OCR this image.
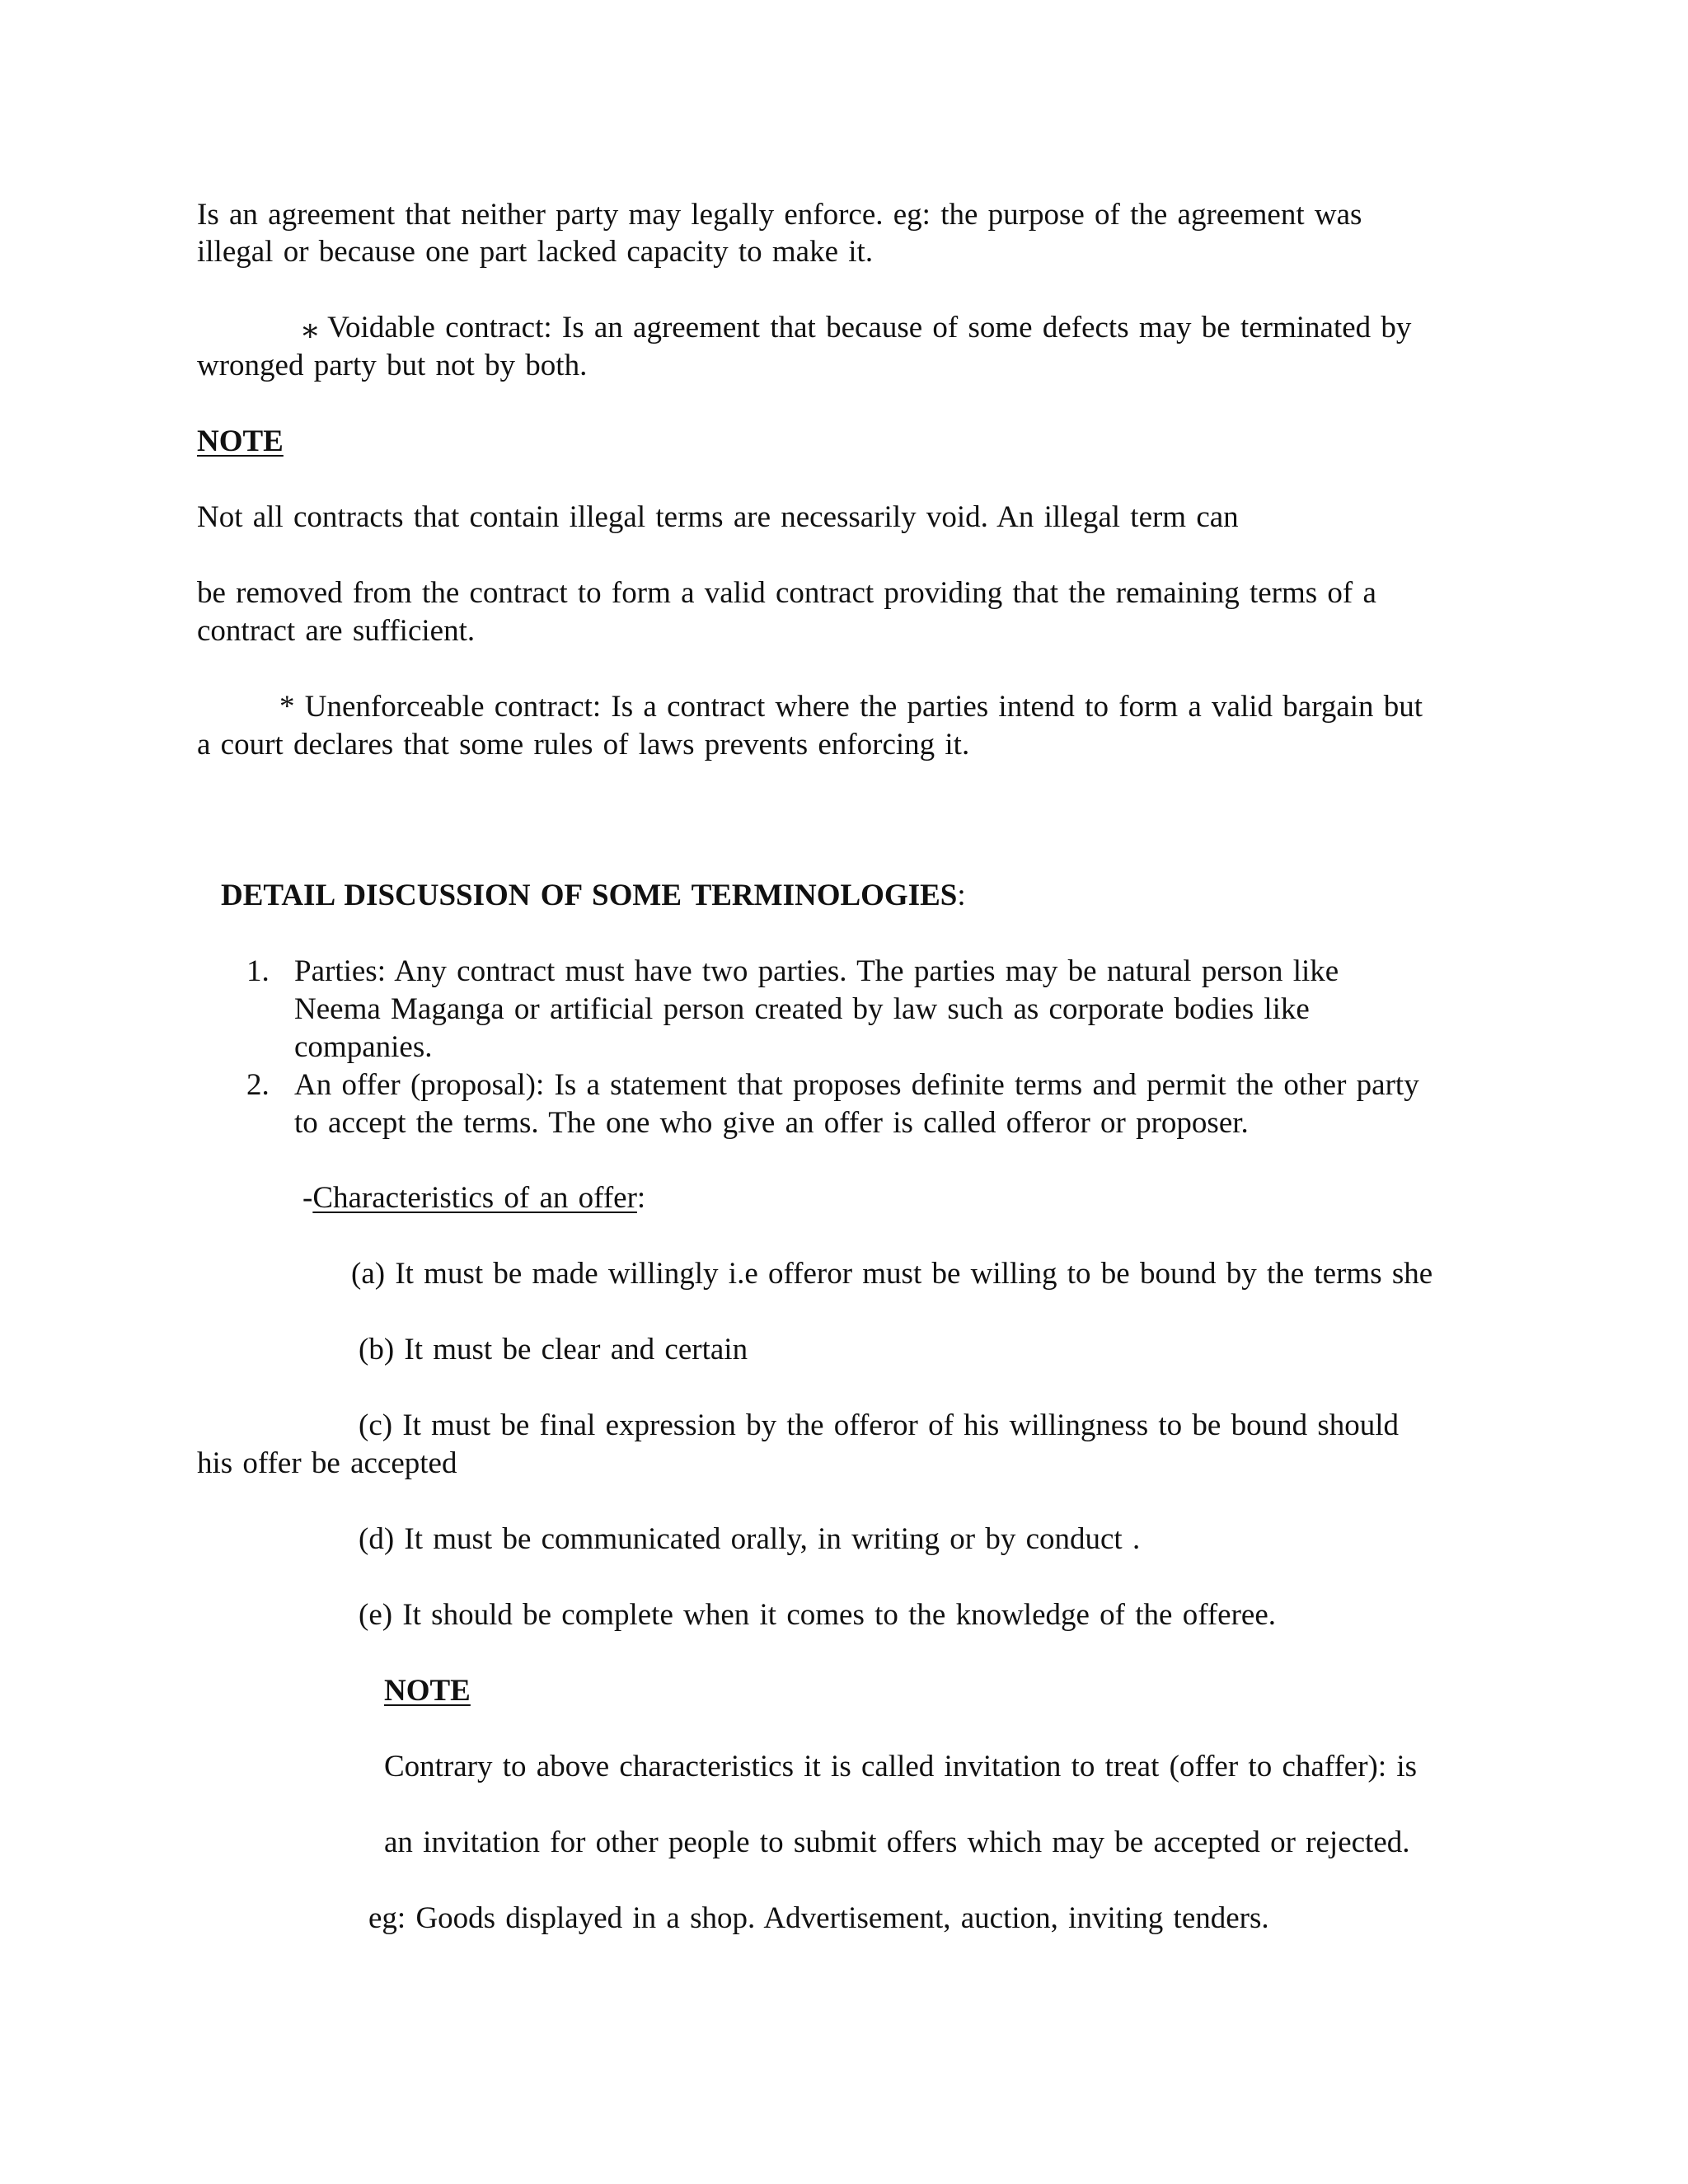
Is an agreement that neither party may legally enforce. eg: the purpose of the agreement was
illegal or because one part lacked capacity to make it.
⁎ Voidable contract: Is an agreement that because of some defects may be terminated by
wronged party but not by both.
NOTE
Not all contracts that contain illegal terms are necessarily void. An illegal term can
be removed from the contract to form a valid contract providing that the remaining terms of a
contract are sufficient.
* Unenforceable contract: Is a contract where the parties intend to form a valid bargain but
a court declares that some rules of laws prevents enforcing it.
DETAIL DISCUSSION OF SOME TERMINOLOGIES:
1. Parties: Any contract must have two parties. The parties may be natural person like
Neema Maganga or artificial person created by law such as corporate bodies like
companies.
2. An offer (proposal): Is a statement that proposes definite terms and permit the other party
to accept the terms. The one who give an offer is called offeror or proposer.
-Characteristics of an offer:
(a) It must be made willingly i.e offeror must be willing to be bound by the terms she
(b) It must be clear and certain
(c) It must be final expression by the offeror of his willingness to be bound should
his offer be accepted
(d) It must be communicated orally, in writing or by conduct .
(e) It should be complete when it comes to the knowledge of the offeree.
NOTE
Contrary to above characteristics it is called invitation to treat (offer to chaffer): is
an invitation for other people to submit offers which may be accepted or rejected.
eg: Goods displayed in a shop. Advertisement, auction, inviting tenders.
